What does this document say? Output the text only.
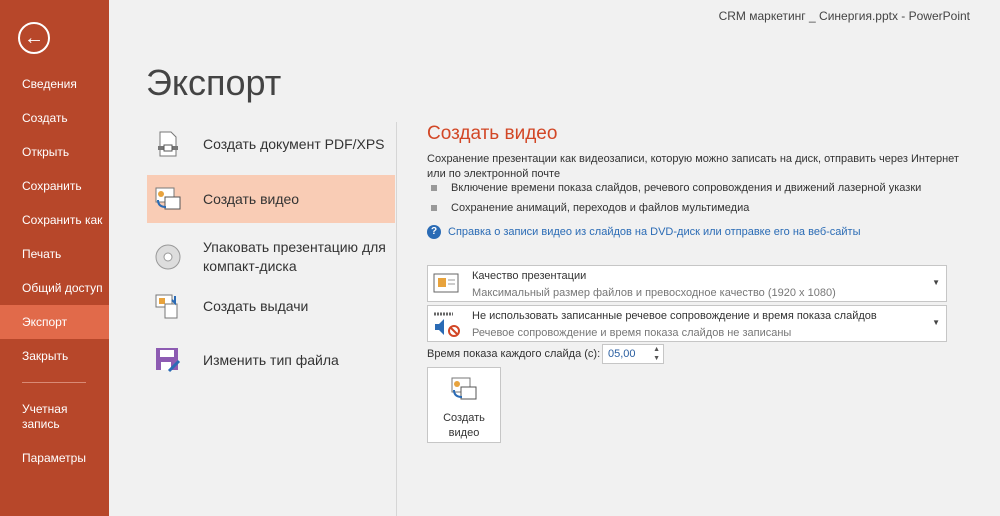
←
Сведения
Создать
Открыть
Сохранить
Сохранить как
Печать
Общий доступ
Экспорт
Закрыть
Учетная запись
Параметры
CRM маркетинг _ Синергия.pptx - PowerPoint
Экспорт
Создать документ PDF/XPS
Создать видео
Упаковать презентацию для компакт-диска
Создать выдачи
Изменить тип файла
Создать видео
Сохранение презентации как видеозаписи, которую можно записать на диск, отправить через Интернет или по электронной почте
Включение времени показа слайдов, речевого сопровождения и движений лазерной указки
Сохранение анимаций, переходов и файлов мультимедиа
? Справка о записи видео из слайдов на DVD-диск или отправке его на веб-сайты
Качество презентации
Максимальный размер файлов и превосходное качество (1920 x 1080)
▼
Не использовать записанные речевое сопровождение и время показа слайдов
Речевое сопровождение и время показа слайдов не записаны
▼
Время показа каждого слайда (с): 05,00	▲
▼
Создать видео
